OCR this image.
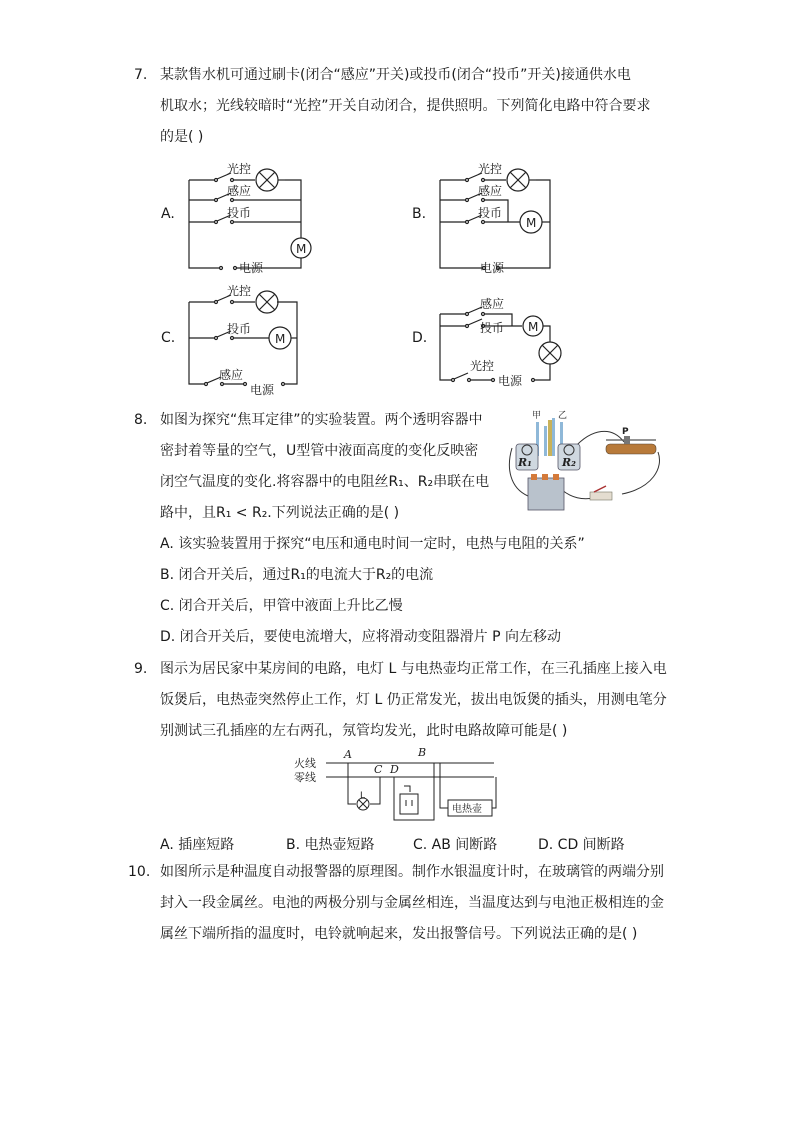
7. 某款售水机可通过刷卡(闭合“感应”开关)或投币(闭合“投币”开关)接通供水电
机取水；光线较暗时“光控”开关自动闭合，提供照明。下列简化电路中符合要求
的是( )
A.
光控
感应
投币
M
电源
B.
光控
感应
投币
M
电源
C.
光控
投币
感应
M
电源
D.
感应
投币
光控
M
电源
8. 如图为探究“焦耳定律”的实验装置。两个透明容器中
密封着等量的空气，U型管中液面高度的变化反映密
闭空气温度的变化.将容器中的电阻丝R₁、R₂串联在电
路中，且R₁ < R₂.下列说法正确的是( )
A. 该实验装置用于探究“电压和通电时间一定时，电热与电阻的关系”
B. 闭合开关后，通过R₁的电流大于R₂的电流
C. 闭合开关后，甲管中液面上升比乙慢
D. 闭合开关后，要使电流增大，应将滑动变阻器滑片 P 向左移动
甲 乙
R₁	R₂
P
9. 图示为居民家中某房间的电路，电灯 L 与电热壶均正常工作，在三孔插座上接入电
饭煲后，电热壶突然停止工作，灯 L 仍正常发光，拔出电饭煲的插头，用测电笔分
别测试三孔插座的左右两孔，氖管均发光，此时电路故障可能是( )
火线
零线
A
C D
B
L
电热壶
A. 插座短路	B. 电热壶短路	C. AB 间断路	D. CD 间断路
10. 如图所示是种温度自动报警器的原理图。制作水银温度计时，在玻璃管的两端分别
封入一段金属丝。电池的两极分别与金属丝相连，当温度达到与电池正极相连的金
属丝下端所指的温度时，电铃就响起来，发出报警信号。下列说法正确的是( )
